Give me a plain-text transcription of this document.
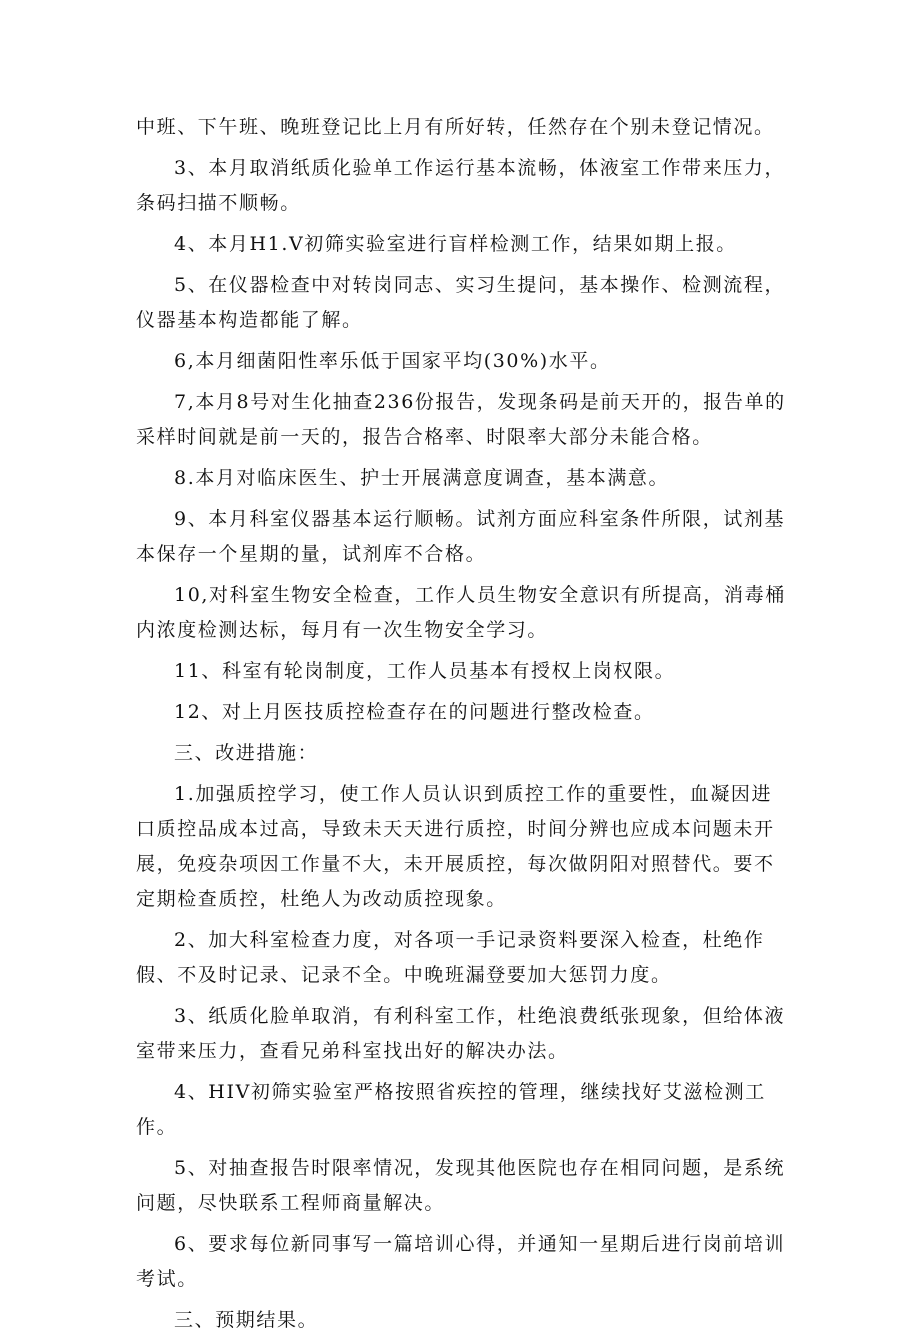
中班、下午班、晚班登记比上月有所好转，任然存在个别未登记情况。

3、本月取消纸质化验单工作运行基本流畅，体液室工作带来压力，条码扫描不顺畅。

4、本月H1.V初筛实验室进行盲样检测工作，结果如期上报。

5、在仪器检查中对转岗同志、实习生提问，基本操作、检测流程，仪器基本构造都能了解。

6,本月细菌阳性率乐低于国家平均(30%)水平。

7,本月8号对生化抽查236份报告，发现条码是前天开的，报告单的采样时间就是前一天的，报告合格率、时限率大部分未能合格。

8.本月对临床医生、护士开展满意度调查，基本满意。

9、本月科室仪器基本运行顺畅。试剂方面应科室条件所限，试剂基本保存一个星期的量，试剂库不合格。

10,对科室生物安全检查，工作人员生物安全意识有所提高，消毒桶内浓度检测达标，每月有一次生物安全学习。

11、科室有轮岗制度，工作人员基本有授权上岗权限。

12、对上月医技质控检查存在的问题进行整改检查。

三、改进措施：

1.加强质控学习，使工作人员认识到质控工作的重要性，血凝因进口质控品成本过高，导致未天天进行质控，时间分辨也应成本问题未开展，免疫杂项因工作量不大，未开展质控，每次做阴阳对照替代。要不定期检查质控，杜绝人为改动质控现象。

2、加大科室检查力度，对各项一手记录资料要深入检查，杜绝作假、不及时记录、记录不全。中晚班漏登要加大惩罚力度。

3、纸质化脸单取消，有利科室工作，杜绝浪费纸张现象，但给体液室带来压力，查看兄弟科室找出好的解决办法。

4、HIV初筛实验室严格按照省疾控的管理，继续找好艾滋检测工作。

5、对抽查报告时限率情况，发现其他医院也存在相同问题，是系统问题，尽快联系工程师商量解决。

6、要求每位新同事写一篇培训心得，并通知一星期后进行岗前培训考试。

三、预期结果。
